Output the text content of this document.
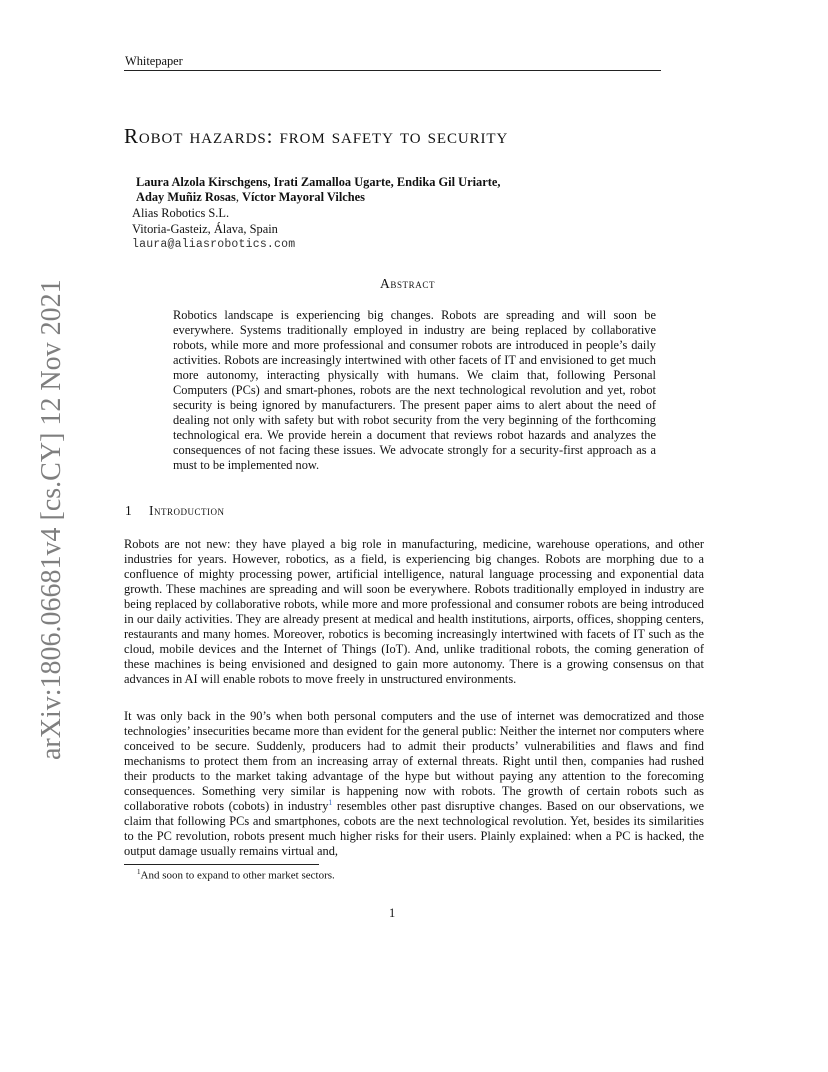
Whitepaper
Robot hazards: from safety to security
Laura Alzola Kirschgens, Irati Zamalloa Ugarte, Endika Gil Uriarte,
Aday Muñiz Rosas, Víctor Mayoral Vilches
Alias Robotics S.L.
Vitoria-Gasteiz, Álava, Spain
laura@aliasrobotics.com
Abstract
Robotics landscape is experiencing big changes. Robots are spreading and will soon be everywhere. Systems traditionally employed in industry are being replaced by collaborative robots, while more and more professional and consumer robots are introduced in people’s daily activities. Robots are increasingly intertwined with other facets of IT and envisioned to get much more autonomy, interacting physically with humans. We claim that, following Personal Computers (PCs) and smart-phones, robots are the next technological revolution and yet, robot security is being ignored by manufacturers. The present paper aims to alert about the need of dealing not only with safety but with robot security from the very beginning of the forthcoming technological era. We provide herein a document that reviews robot hazards and analyzes the consequences of not facing these issues. We advocate strongly for a security-first approach as a must to be implemented now.
1 Introduction
Robots are not new: they have played a big role in manufacturing, medicine, warehouse operations, and other industries for years. However, robotics, as a field, is experiencing big changes. Robots are morphing due to a confluence of mighty processing power, artificial intelligence, natural language processing and exponential data growth. These machines are spreading and will soon be everywhere. Robots traditionally employed in industry are being replaced by collaborative robots, while more and more professional and consumer robots are being introduced in our daily activities. They are already present at medical and health institutions, airports, offices, shopping centers, restaurants and many homes. Moreover, robotics is becoming increasingly intertwined with facets of IT such as the cloud, mobile devices and the Internet of Things (IoT). And, unlike traditional robots, the coming generation of these machines is being envisioned and designed to gain more autonomy. There is a growing consensus on that advances in AI will enable robots to move freely in unstructured environments.
It was only back in the 90’s when both personal computers and the use of internet was democratized and those technologies’ insecurities became more than evident for the general public: Neither the internet nor computers where conceived to be secure. Suddenly, producers had to admit their products’ vulnerabilities and flaws and find mechanisms to protect them from an increasing array of external threats. Right until then, companies had rushed their products to the market taking advantage of the hype but without paying any attention to the forecoming consequences. Something very similar is happening now with robots. The growth of certain robots such as collaborative robots (cobots) in industry$^1$ resembles other past disruptive changes. Based on our observations, we claim that following PCs and smartphones, cobots are the next technological revolution. Yet, besides its similarities to the PC revolution, robots present much higher risks for their users. Plainly explained: when a PC is hacked, the output damage usually remains virtual and,
$^1$And soon to expand to other market sectors.
1
arXiv:1806.06681v4 [cs.CY] 12 Nov 2021
